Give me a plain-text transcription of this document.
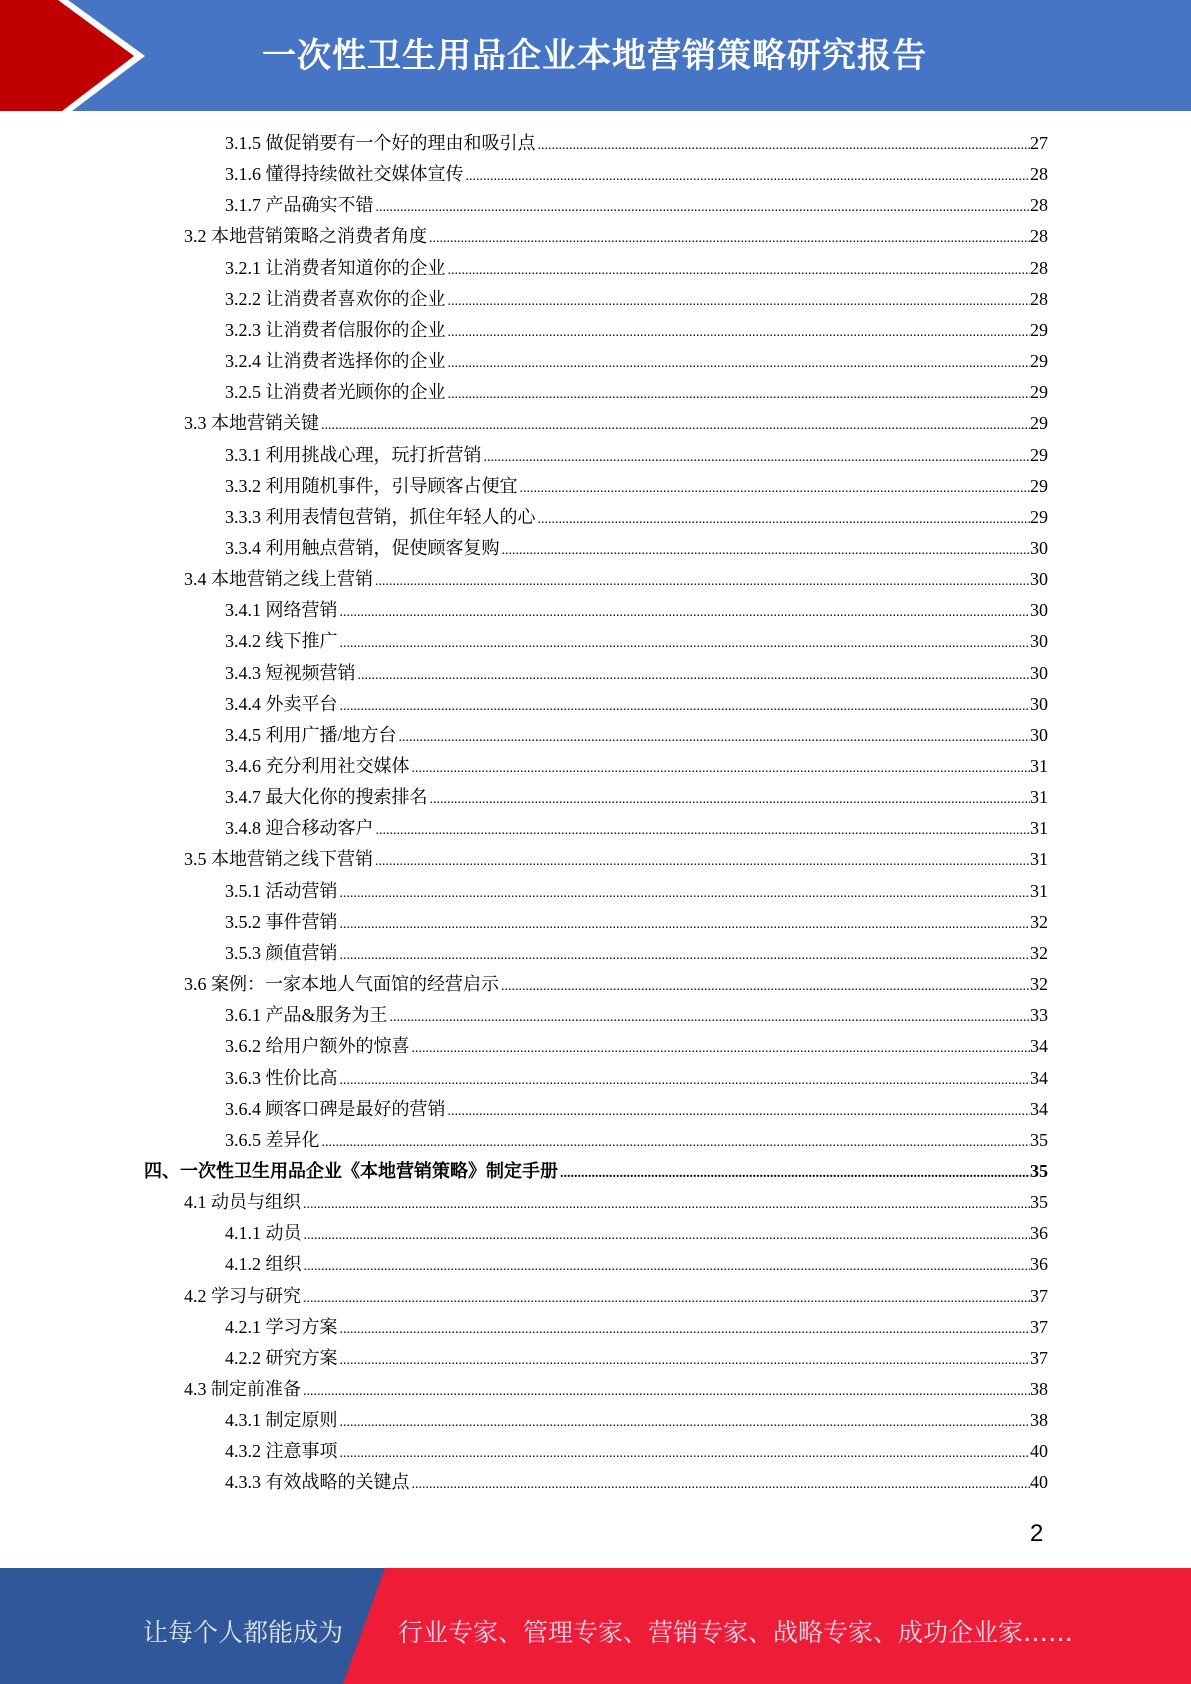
一次性卫生用品企业本地营销策略研究报告
3.1.5 做促销要有一个好的理由和吸引点 .....	27
3.1.6 懂得持续做社交媒体宣传 .....	28
3.1.7 产品确实不错 .....	28
3.2 本地营销策略之消费者角度 .....	28
3.2.1 让消费者知道你的企业 .....	28
3.2.2 让消费者喜欢你的企业 .....	28
3.2.3 让消费者信服你的企业 .....	29
3.2.4 让消费者选择你的企业 .....	29
3.2.5 让消费者光顾你的企业 .....	29
3.3 本地营销关键 .....	29
3.3.1 利用挑战心理，玩打折营销 .....	29
3.3.2 利用随机事件，引导顾客占便宜 .....	29
3.3.3 利用表情包营销，抓住年轻人的心 .....	29
3.3.4 利用触点营销，促使顾客复购 .....	30
3.4 本地营销之线上营销 .....	30
3.4.1 网络营销 .....	30
3.4.2 线下推广 .....	30
3.4.3 短视频营销 .....	30
3.4.4 外卖平台 .....	30
3.4.5 利用广播/地方台 .....	30
3.4.6 充分利用社交媒体 .....	31
3.4.7 最大化你的搜索排名 .....	31
3.4.8 迎合移动客户 .....	31
3.5 本地营销之线下营销 .....	31
3.5.1 活动营销 .....	31
3.5.2 事件营销 .....	32
3.5.3 颜值营销 .....	32
3.6 案例：一家本地人气面馆的经营启示 .....	32
3.6.1 产品&服务为王 .....	33
3.6.2 给用户额外的惊喜 .....	34
3.6.3 性价比高 .....	34
3.6.4 顾客口碑是最好的营销 .....	34
3.6.5 差异化 .....	35
四、一次性卫生用品企业《本地营销策略》制定手册 .....	35
4.1 动员与组织 .....	35
4.1.1 动员 .....	36
4.1.2 组织 .....	36
4.2 学习与研究 .....	37
4.2.1 学习方案 .....	37
4.2.2 研究方案 .....	37
4.3 制定前准备 .....	38
4.3.1 制定原则 .....	38
4.3.2 注意事项 .....	40
4.3.3 有效战略的关键点 .....	40
2
让每个人都能成为 行业专家、管理专家、营销专家、战略专家、成功企业家……
